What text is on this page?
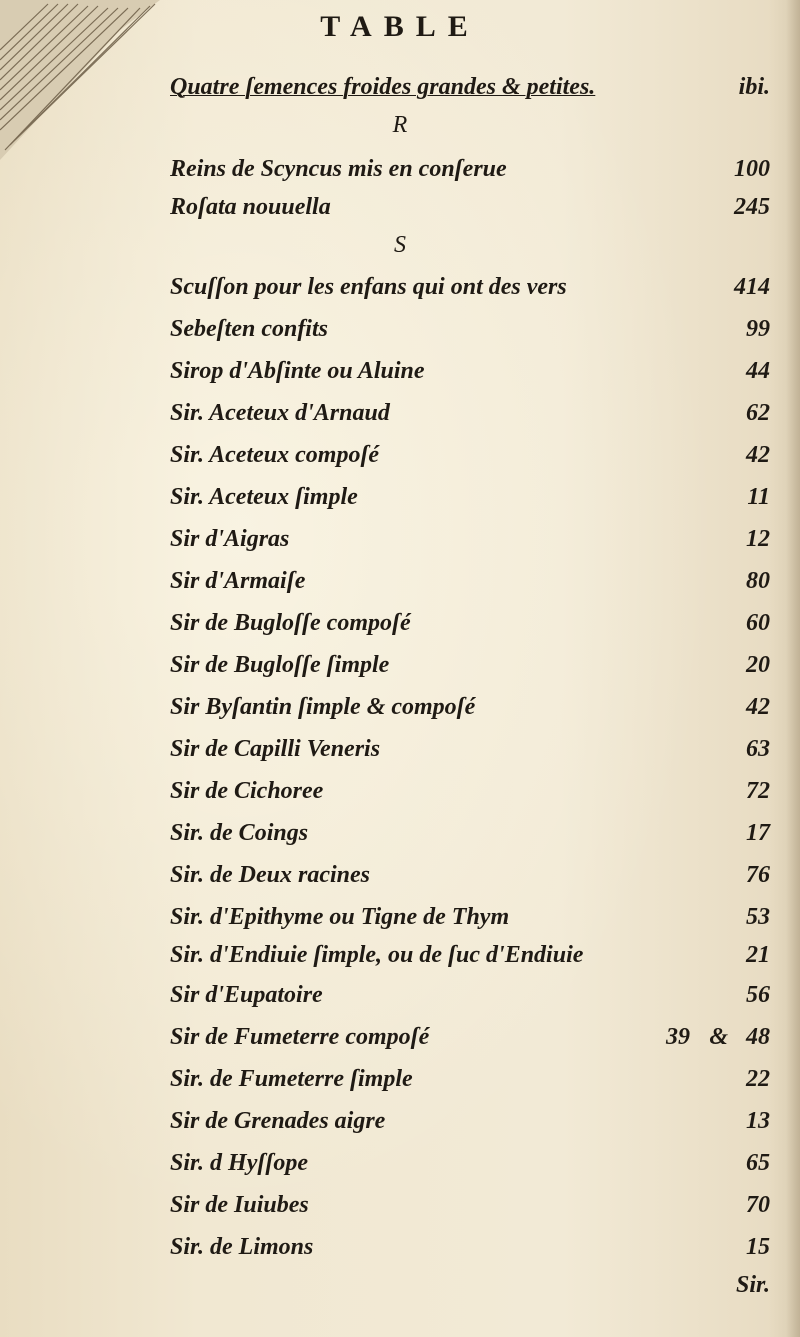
TABLE
Quatre ſemences froides grandes & petites.	ibi.
R
Reins de Scyncus mis en conſerue	100
Roſata nouuella	245
S
Scuſſon pour les enfans qui ont des vers	414
Sebeſten confits	99
Sirop d'Abſinte ou Aluine	44
Sir. Aceteux d'Arnaud	62
Sir. Aceteux compoſé	42
Sir. Aceteux ſimple	11
Sir d'Aigras	12
Sir d'Armaiſe	80
Sir de Bugloſſe compoſé	60
Sir de Bugloſſe ſimple	20
Sir Byſantin ſimple & compoſé	42
Sir de Capilli Veneris	63
Sir de Cichoree	72
Sir. de Coings	17
Sir. de Deux racines	76
Sir. d'Epithyme ou Tigne de Thym	53
Sir. d'Endiuie ſimple, ou de ſuc d'Endiuie	21
Sir d'Eupatoire	56
Sir de Fumeterre compoſé	39 & 48
Sir. de Fumeterre ſimple	22
Sir de Grenades aigre	13
Sir. d Hyſſope	65
Sir de Iuiubes	70
Sir. de Limons	15
Sir.
